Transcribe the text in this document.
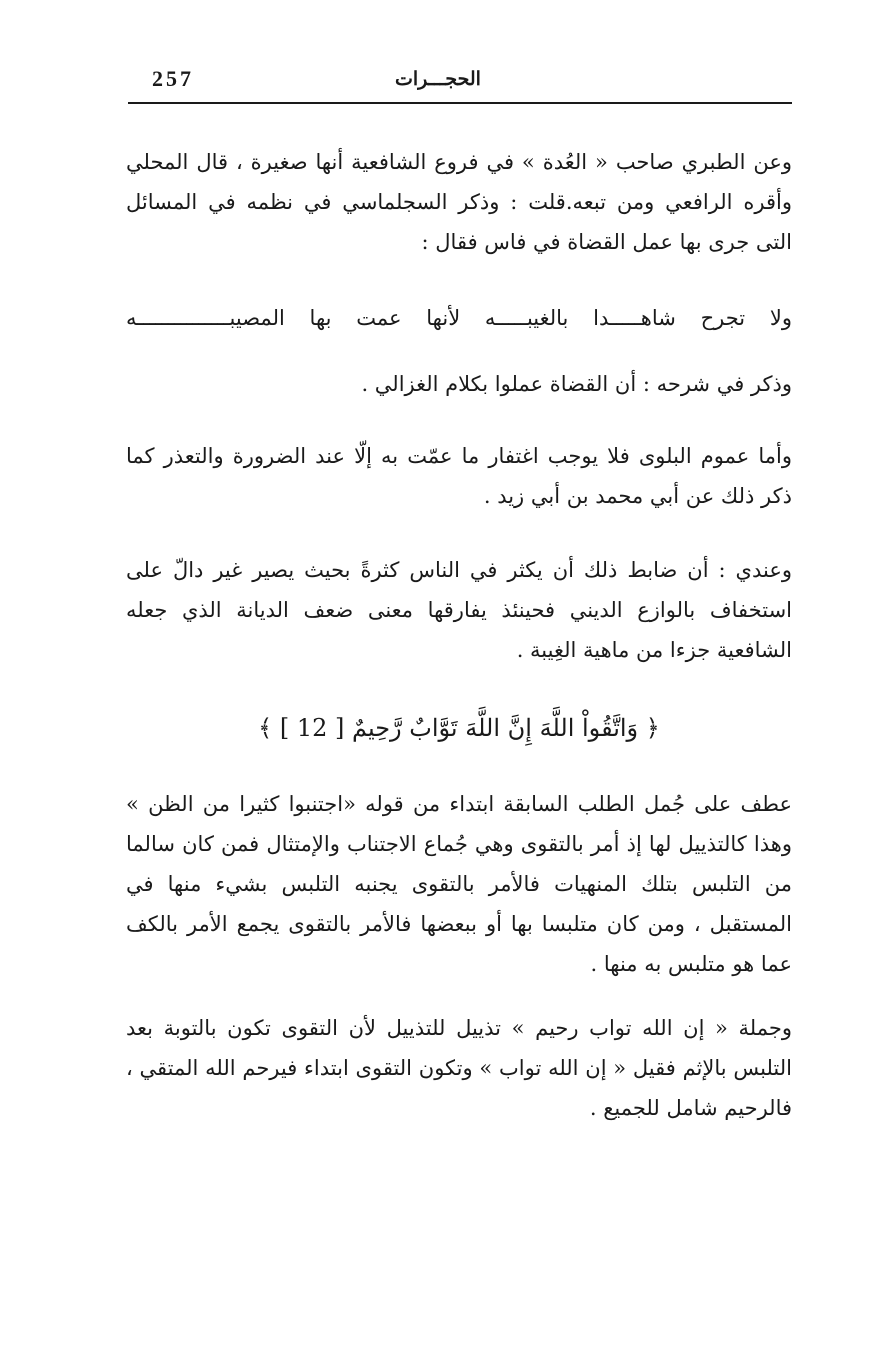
257	الحجـــرات

وعن الطبري صاحب « العُدة » في فروع الشافعية أنها صغيرة ، قال المحلي وأقره الرافعي ومن تبعه.قلت : وذكر السجلماسي في نظمه في المسائل التى جرى بها عمل القضاة في فاس فقال :

ولا تجرح شاهـــــدا بالغيبـــــه لأنها عمت بها المصيبـــــــــــــــه

وذكر في شرحه : أن القضاة عملوا بكلام الغزالي .

وأما عموم البلوى فلا يوجب اغتفار ما عمّت به إلّا عند الضرورة والتعذر كما ذكر ذلك عن أبي محمد بن أبي زيد .

وعندي : أن ضابط ذلك أن يكثر في الناس كثرةً بحيث يصير غير دالّ على استخفاف بالوازع الديني فحينئذ يفارقها معنى ضعف الديانة الذي جعله الشافعية جزءا من ماهية الغِيبة .

﴿ وَاتَّقُواْ اللَّهَ إِنَّ اللَّهَ تَوَّابٌ رَّحِيمٌ [ 12 ] ﴾

عطف على جُمل الطلب السابقة ابتداء من قوله «اجتنبوا كثيرا من الظن » وهذا كالتذييل لها إذ أمر بالتقوى وهي جُماع الاجتناب والإمتثال فمن كان سالما من التلبس بتلك المنهيات فالأمر بالتقوى يجنبه التلبس بشيء منها في المستقبل ، ومن كان متلبسا بها أو ببعضها فالأمر بالتقوى يجمع الأمر بالكف عما هو متلبس به منها .

وجملة « إن الله تواب رحيم » تذييل للتذييل لأن التقوى تكون بالتوبة بعد التلبس بالإثم فقيل « إن الله تواب » وتكون التقوى ابتداء فيرحم الله المتقي ، فالرحيم شامل للجميع .
